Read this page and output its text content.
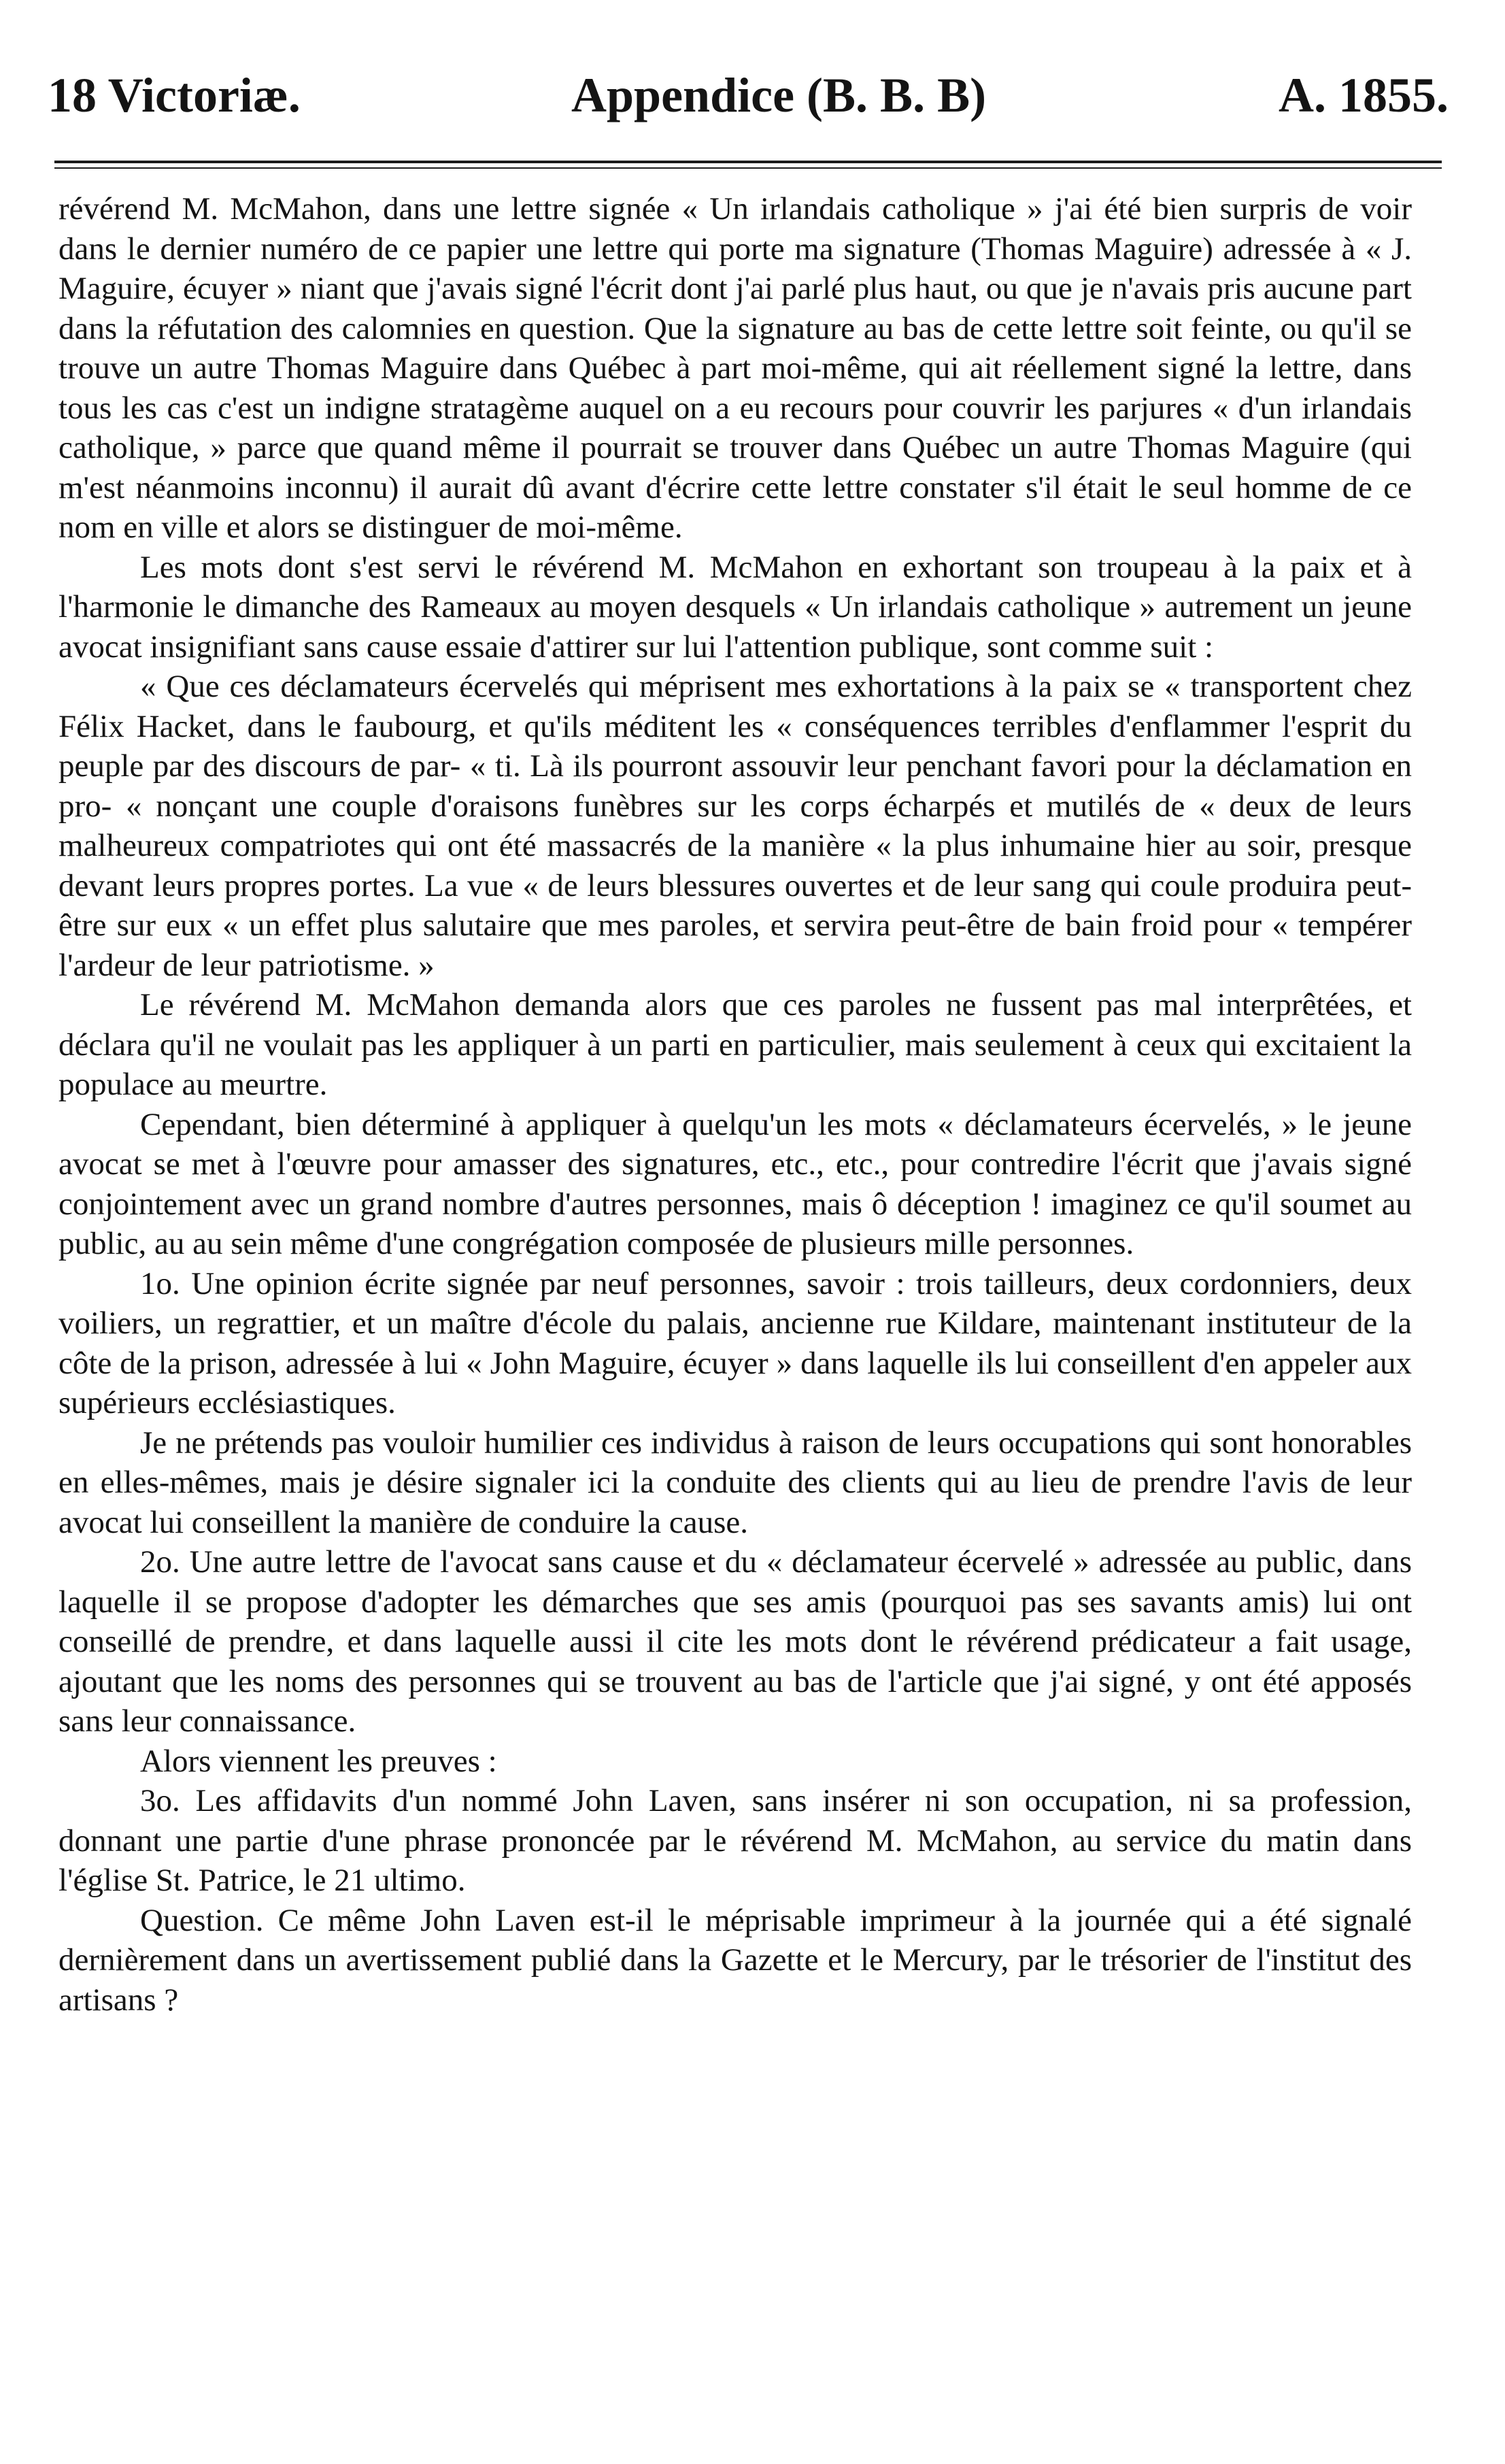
18 Victoriæ.	Appendice (B. B. B)	A. 1855.

révérend M. McMahon, dans une lettre signée « Un irlandais catholique » j'ai été bien surpris de voir dans le dernier numéro de ce papier une lettre qui porte ma signature (Thomas Maguire) adressée à « J. Maguire, écuyer » niant que j'avais signé l'écrit dont j'ai parlé plus haut, ou que je n'avais pris aucune part dans la réfutation des calomnies en question. Que la signature au bas de cette lettre soit feinte, ou qu'il se trouve un autre Thomas Maguire dans Québec à part moi-même, qui ait réellement signé la lettre, dans tous les cas c'est un indigne stratagème auquel on a eu recours pour couvrir les parjures « d'un irlandais catholique, » parce que quand même il pourrait se trouver dans Québec un autre Thomas Maguire (qui m'est néanmoins inconnu) il aurait dû avant d'écrire cette lettre constater s'il était le seul homme de ce nom en ville et alors se distinguer de moi-même.

Les mots dont s'est servi le révérend M. McMahon en exhortant son troupeau à la paix et à l'harmonie le dimanche des Rameaux au moyen desquels « Un irlandais catholique » autrement un jeune avocat insignifiant sans cause essaie d'attirer sur lui l'attention publique, sont comme suit :

« Que ces déclamateurs écervelés qui méprisent mes exhortations à la paix se « transportent chez Félix Hacket, dans le faubourg, et qu'ils méditent les « conséquences terribles d'enflammer l'esprit du peuple par des discours de par- « ti. Là ils pourront assouvir leur penchant favori pour la déclamation en pro- « nonçant une couple d'oraisons funèbres sur les corps écharpés et mutilés de « deux de leurs malheureux compatriotes qui ont été massacrés de la manière « la plus inhumaine hier au soir, presque devant leurs propres portes. La vue « de leurs blessures ouvertes et de leur sang qui coule produira peut-être sur eux « un effet plus salutaire que mes paroles, et servira peut-être de bain froid pour « tempérer l'ardeur de leur patriotisme. »

Le révérend M. McMahon demanda alors que ces paroles ne fussent pas mal interprêtées, et déclara qu'il ne voulait pas les appliquer à un parti en particulier, mais seulement à ceux qui excitaient la populace au meurtre.

Cependant, bien déterminé à appliquer à quelqu'un les mots « déclamateurs écervelés, » le jeune avocat se met à l'œuvre pour amasser des signatures, etc., etc., pour contredire l'écrit que j'avais signé conjointement avec un grand nombre d'autres personnes, mais ô déception ! imaginez ce qu'il soumet au public, au au sein même d'une congrégation composée de plusieurs mille personnes.

1o. Une opinion écrite signée par neuf personnes, savoir : trois tailleurs, deux cordonniers, deux voiliers, un regrattier, et un maître d'école du palais, ancienne rue Kildare, maintenant instituteur de la côte de la prison, adressée à lui « John Maguire, écuyer » dans laquelle ils lui conseillent d'en appeler aux supérieurs ecclésiastiques.

Je ne prétends pas vouloir humilier ces individus à raison de leurs occupations qui sont honorables en elles-mêmes, mais je désire signaler ici la conduite des clients qui au lieu de prendre l'avis de leur avocat lui conseillent la manière de conduire la cause.

2o. Une autre lettre de l'avocat sans cause et du « déclamateur écervelé » adressée au public, dans laquelle il se propose d'adopter les démarches que ses amis (pourquoi pas ses savants amis) lui ont conseillé de prendre, et dans laquelle aussi il cite les mots dont le révérend prédicateur a fait usage, ajoutant que les noms des personnes qui se trouvent au bas de l'article que j'ai signé, y ont été apposés sans leur connaissance.

Alors viennent les preuves :

3o. Les affidavits d'un nommé John Laven, sans insérer ni son occupation, ni sa profession, donnant une partie d'une phrase prononcée par le révérend M. McMahon, au service du matin dans l'église St. Patrice, le 21 ultimo.

Question. Ce même John Laven est-il le méprisable imprimeur à la journée qui a été signalé dernièrement dans un avertissement publié dans la Gazette et le Mercury, par le trésorier de l'institut des artisans ?
